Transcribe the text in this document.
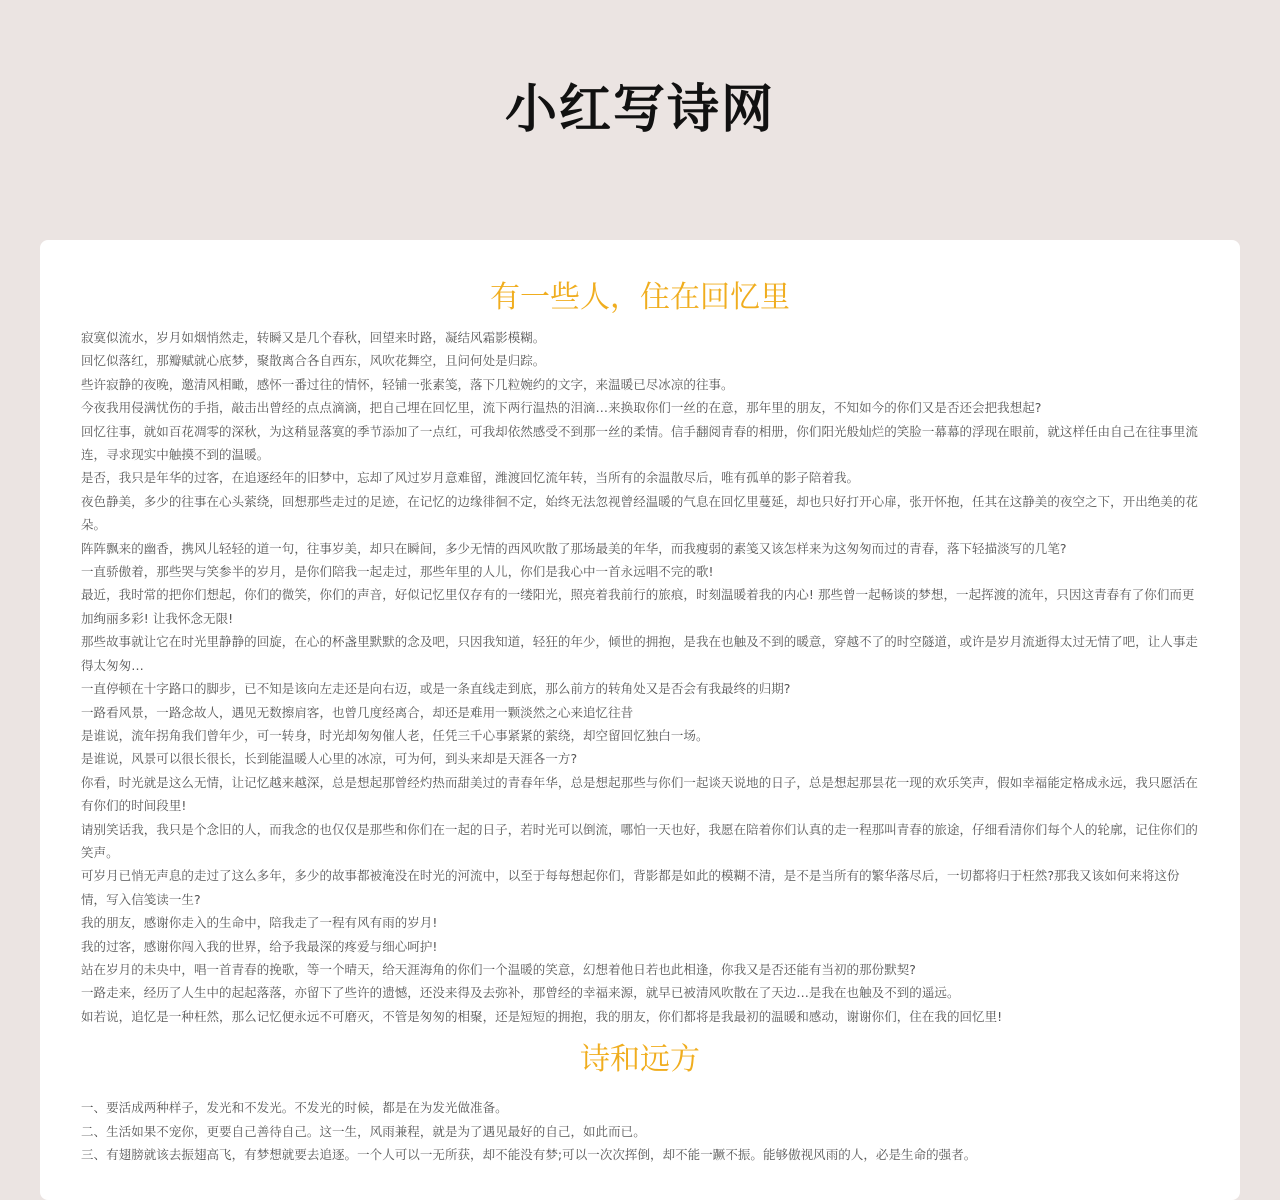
小红写诗网
有一些人，住在回忆里

寂寞似流水，岁月如烟悄然走，转瞬又是几个春秋，回望来时路，凝结风霜影模糊。

回忆似落红，那瓣赋就心底梦，聚散离合各自西东，风吹花舞空，且问何处是归踪。

些许寂静的夜晚，邀清风相瞰，感怀一番过往的情怀，轻铺一张素笺，落下几粒婉约的文字，来温暖已尽冰凉的往事。

今夜我用侵满忧伤的手指，敲击出曾经的点点滴滴，把自己埋在回忆里，流下两行温热的泪滴…来换取你们一丝的在意，那年里的朋友，不知如今的你们又是否还会把我想起?

回忆往事，就如百花凋零的深秋，为这稍显落寞的季节添加了一点红，可我却依然感受不到那一丝的柔情。信手翻阅青春的相册，你们阳光般灿烂的笑脸一幕幕的浮现在眼前，就这样任由自己在往事里流连，寻求现实中触摸不到的温暖。

是否，我只是年华的过客，在追逐经年的旧梦中，忘却了风过岁月意难留，潍渡回忆流年转，当所有的余温散尽后，唯有孤单的影子陪着我。

夜色静美，多少的往事在心头萦绕，回想那些走过的足迹，在记忆的边缘徘徊不定，始终无法忽视曾经温暖的气息在回忆里蔓延，却也只好打开心扉，张开怀抱，任其在这静美的夜空之下，开出绝美的花朵。

阵阵飘来的幽香，携风儿轻轻的道一句，往事岁美，却只在瞬间，多少无情的西风吹散了那场最美的年华，而我瘦弱的素笺又该怎样来为这匆匆而过的青春，落下轻描淡写的几笔?

一直骄傲着，那些哭与笑参半的岁月，是你们陪我一起走过，那些年里的人儿，你们是我心中一首永远唱不完的歌!

最近，我时常的把你们想起，你们的微笑，你们的声音，好似记忆里仅存有的一缕阳光，照亮着我前行的旅痕，时刻温暖着我的内心! 那些曾一起畅谈的梦想，一起挥渡的流年，只因这青春有了你们而更加绚丽多彩! 让我怀念无限!

那些故事就让它在时光里静静的回旋，在心的杯盏里默默的念及吧，只因我知道，轻狂的年少，倾世的拥抱，是我在也触及不到的暖意，穿越不了的时空隧道，或许是岁月流逝得太过无情了吧，让人事走得太匆匆…

一直停顿在十字路口的脚步，已不知是该向左走还是向右迈，或是一条直线走到底，那么前方的转角处又是否会有我最终的归期?

一路看风景，一路念故人，遇见无数擦肩客，也曾几度经离合，却还是难用一颗淡然之心来追忆往昔

是谁说，流年拐角我们曾年少，可一转身，时光却匆匆催人老，任凭三千心事紧紧的萦绕，却空留回忆独白一场。

是谁说，风景可以很长很长，长到能温暖人心里的冰凉，可为何，到头来却是天涯各一方?

你看，时光就是这么无情，让记忆越来越深，总是想起那曾经灼热而甜美过的青春年华，总是想起那些与你们一起谈天说地的日子，总是想起那昙花一现的欢乐笑声，假如幸福能定格成永远，我只愿活在有你们的时间段里!

请别笑话我，我只是个念旧的人，而我念的也仅仅是那些和你们在一起的日子，若时光可以倒流，哪怕一天也好，我愿在陪着你们认真的走一程那叫青春的旅途，仔细看清你们每个人的轮廓，记住你们的笑声。

可岁月已悄无声息的走过了这么多年，多少的故事都被淹没在时光的河流中，以至于每每想起你们，背影都是如此的模糊不清，是不是当所有的繁华落尽后，一切都将归于枉然?那我又该如何来将这份情，写入信笺读一生?

我的朋友，感谢你走入的生命中，陪我走了一程有风有雨的岁月!

我的过客，感谢你闯入我的世界，给予我最深的疼爱与细心呵护!

站在岁月的未央中，唱一首青春的挽歌，等一个晴天，给天涯海角的你们一个温暖的笑意，幻想着他日若也此相逢，你我又是否还能有当初的那份默契?

一路走来，经历了人生中的起起落落，亦留下了些许的遗憾，还没来得及去弥补，那曾经的幸福来源，就早已被清风吹散在了天边…是我在也触及不到的遥远。

如若说，追忆是一种枉然，那么记忆便永远不可磨灭，不管是匆匆的相聚，还是短短的拥抱，我的朋友，你们都将是我最初的温暖和感动，谢谢你们，住在我的回忆里!

诗和远方

一、要活成两种样子，发光和不发光。不发光的时候，都是在为发光做准备。

二、生活如果不宠你，更要自己善待自己。这一生，风雨兼程，就是为了遇见最好的自己，如此而已。

三、有翅膀就该去振翅高飞，有梦想就要去追逐。一个人可以一无所获，却不能没有梦;可以一次次挥倒，却不能一蹶不振。能够傲视风雨的人，必是生命的强者。
